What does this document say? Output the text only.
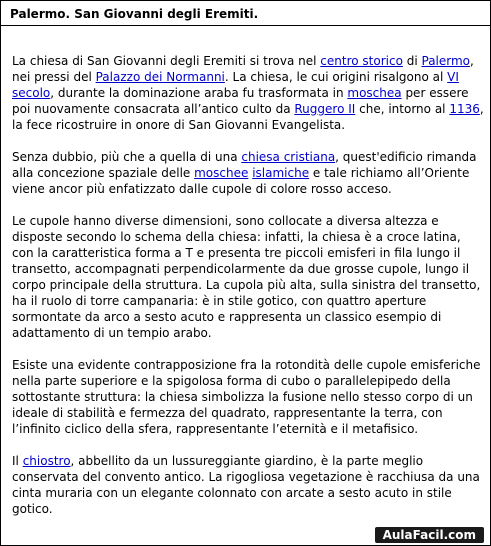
Palermo. San Giovanni degli Eremiti.

La chiesa di San Giovanni degli Eremiti si trova nel centro storico di Palermo, nei pressi del Palazzo dei Normanni. La chiesa, le cui origini risalgono al VI secolo, durante la dominazione araba fu trasformata in moschea per essere poi nuovamente consacrata all’antico culto da Ruggero II che, intorno al 1136, la fece ricostruire in onore di San Giovanni Evangelista.

Senza dubbio, più che a quella di una chiesa cristiana, quest'edificio rimanda alla concezione spaziale delle moschee islamiche e tale richiamo all’Oriente viene ancor più enfatizzato dalle cupole di colore rosso acceso.

Le cupole hanno diverse dimensioni, sono collocate a diversa altezza e disposte secondo lo schema della chiesa: infatti, la chiesa è a croce latina, con la caratteristica forma a T e presenta tre piccoli emisferi in fila lungo il transetto, accompagnati perpendicolarmente da due grosse cupole, lungo il corpo principale della struttura. La cupola più alta, sulla sinistra del transetto, ha il ruolo di torre campanaria: è in stile gotico, con quattro aperture sormontate da arco a sesto acuto e rappresenta un classico esempio di adattamento di un tempio arabo.

Esiste una evidente contrapposizione fra la rotondità delle cupole emisferiche nella parte superiore e la spigolosa forma di cubo o parallelepipedo della sottostante struttura: la chiesa simbolizza la fusione nello stesso corpo di un ideale di stabilità e fermezza del quadrato, rappresentante la terra, con l’infinito ciclico della sfera, rappresentante l’eternità e il metafisico.

Il chiostro, abbellito da un lussureggiante giardino, è la parte meglio conservata del convento antico. La rigogliosa vegetazione è racchiusa da una cinta muraria con un elegante colonnato con arcate a sesto acuto in stile gotico.

AulaFacil.com
